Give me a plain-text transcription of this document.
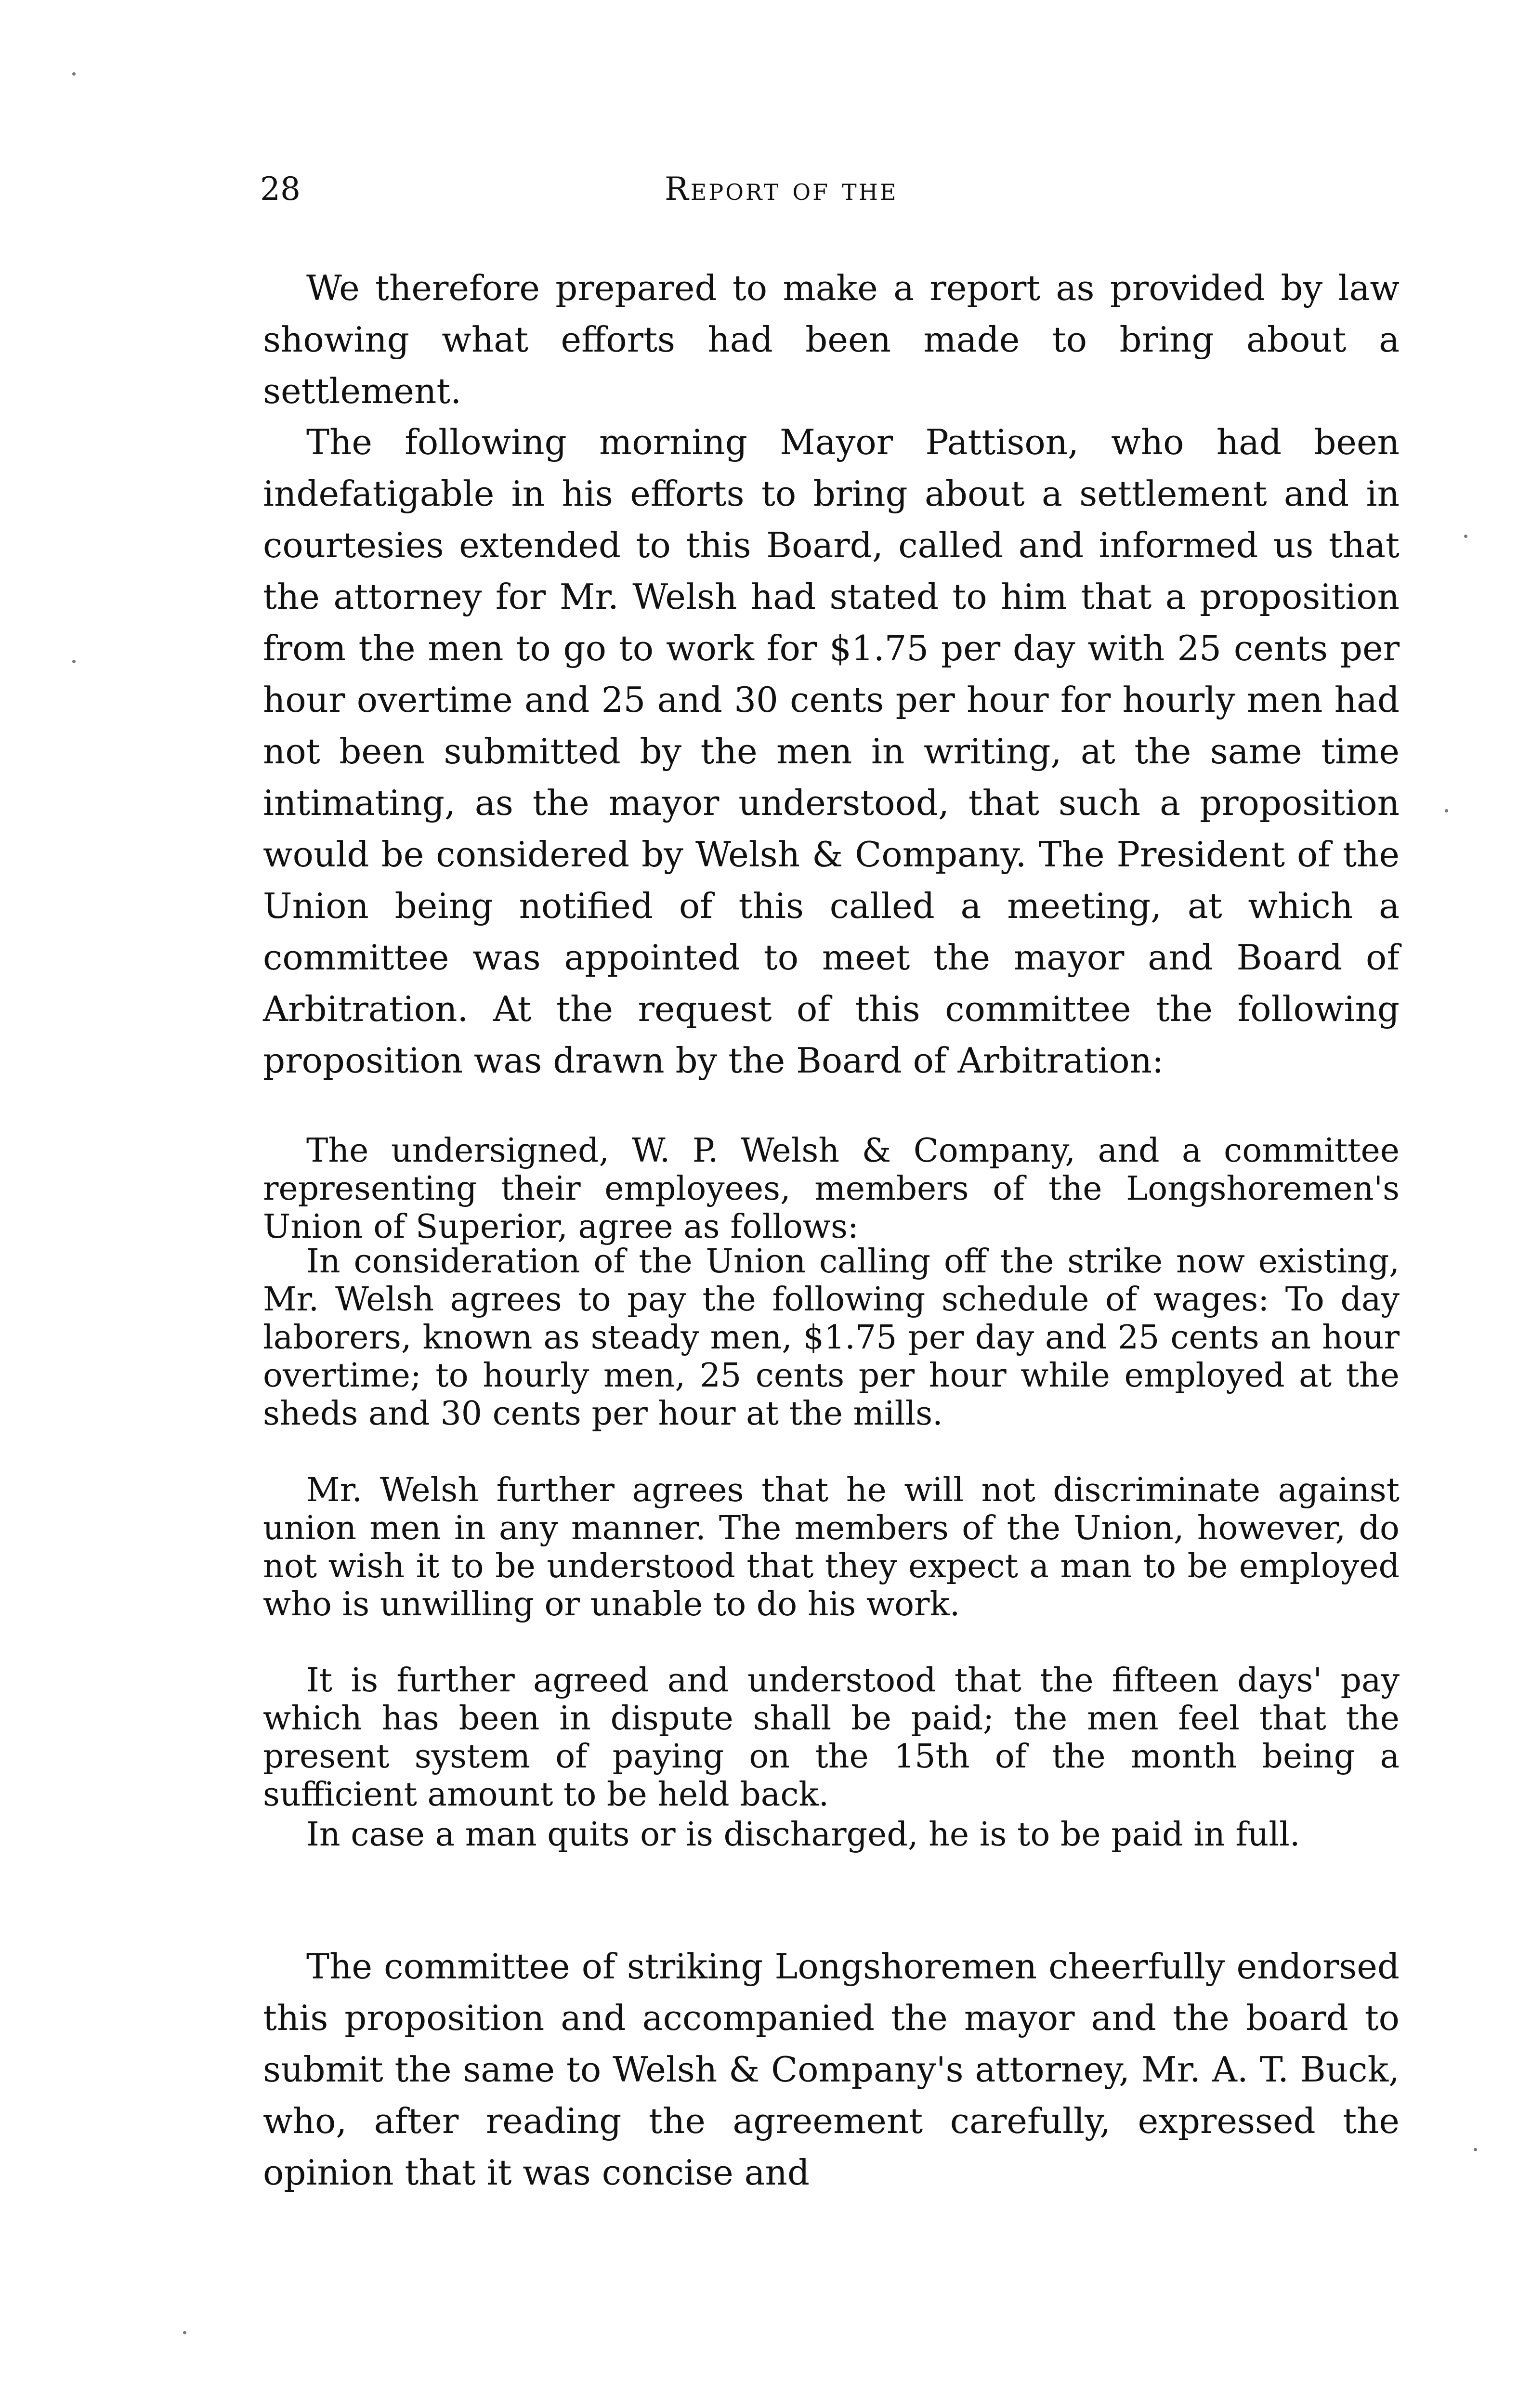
28	Report of the

We therefore prepared to make a report as provided by law showing what efforts had been made to bring about a settlement.

The following morning Mayor Pattison, who had been indefatigable in his efforts to bring about a settlement and in courtesies extended to this Board, called and informed us that the attorney for Mr. Welsh had stated to him that a proposition from the men to go to work for $1.75 per day with 25 cents per hour overtime and 25 and 30 cents per hour for hourly men had not been submitted by the men in writing, at the same time intimating, as the mayor understood, that such a proposition would be considered by Welsh & Company. The President of the Union being notified of this called a meeting, at which a committee was appointed to meet the mayor and Board of Arbitration. At the request of this committee the following proposition was drawn by the Board of Arbitration:

The undersigned, W. P. Welsh & Company, and a committee representing their employees, members of the Longshoremen's Union of Superior, agree as follows:

In consideration of the Union calling off the strike now existing, Mr. Welsh agrees to pay the following schedule of wages: To day laborers, known as steady men, $1.75 per day and 25 cents an hour overtime; to hourly men, 25 cents per hour while employed at the sheds and 30 cents per hour at the mills.

Mr. Welsh further agrees that he will not discriminate against union men in any manner. The members of the Union, however, do not wish it to be understood that they expect a man to be employed who is unwilling or unable to do his work.

It is further agreed and understood that the fifteen days' pay which has been in dispute shall be paid; the men feel that the present system of paying on the 15th of the month being a sufficient amount to be held back.

In case a man quits or is discharged, he is to be paid in full.

The committee of striking Longshoremen cheerfully endorsed this proposition and accompanied the mayor and the board to submit the same to Welsh & Company's attorney, Mr. A. T. Buck, who, after reading the agreement carefully, expressed the opinion that it was concise and
